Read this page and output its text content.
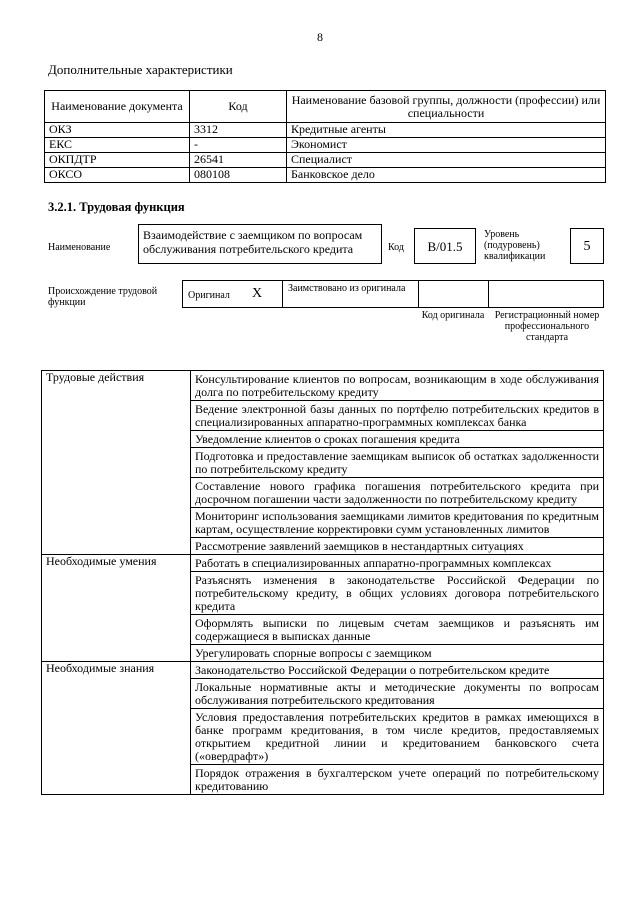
8
Дополнительные характеристики
Наименование документа	Код	Наименование базовой группы, должности (профессии) или специальности
ОКЗ	3312	Кредитные агенты
ЕКС	-	Экономист
ОКПДТР	26541	Специалист
ОКСО	080108	Банковское дело
3.2.1. Трудовая функция
Наименование
Взаимодействие с заемщиком по вопросам обслуживания потребительского кредита	Код	В/01.5
Уровень (подуровень) квалификации
5
Происхождение трудовой функции
Оригинал X	Заимствовано из оригинала
Код оригинала Регистрационный номер профессионального стандарта
Трудовые действия	Консультирование клиентов по вопросам, возникающим в ходе обслуживания долга по потребительскому кредиту
	Ведение электронной базы данных по портфелю потребительских кредитов в специализированных аппаратно-программных комплексах банка
	Уведомление клиентов о сроках погашения кредита
	Подготовка и предоставление заемщикам выписок об остатках задолженности по потребительскому кредиту
	Составление нового графика погашения потребительского кредита при досрочном погашении части задолженности по потребительскому кредиту
	Мониторинг использования заемщиками лимитов кредитования по кредитным картам, осуществление корректировки сумм установленных лимитов
	Рассмотрение заявлений заемщиков в нестандартных ситуациях
Необходимые умения	Работать в специализированных аппаратно-программных комплексах
	Разъяснять изменения в законодательстве Российской Федерации по потребительскому кредиту, в общих условиях договора потребительского кредита
	Оформлять выписки по лицевым счетам заемщиков и разъяснять им содержащиеся в выписках данные
	Урегулировать спорные вопросы с заемщиком
Необходимые знания	Законодательство Российской Федерации о потребительском кредите
	Локальные нормативные акты и методические документы по вопросам обслуживания потребительского кредитования
	Условия предоставления потребительских кредитов в рамках имеющихся в банке программ кредитования, в том числе кредитов, предоставляемых открытием кредитной линии и кредитованием банковского счета («овердрафт»)
	Порядок отражения в бухгалтерском учете операций по потребительскому кредитованию
